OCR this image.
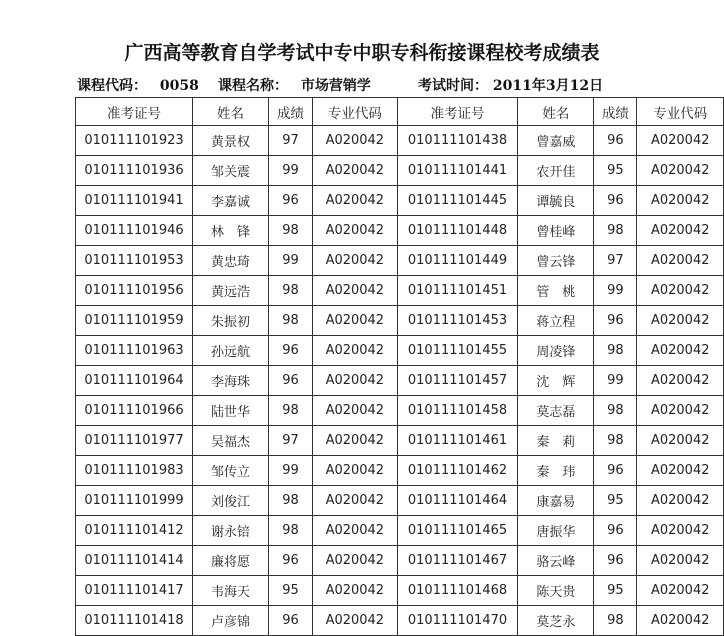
广西高等教育自学考试中专中职专科衔接课程校考成绩表
课程代码： 0058 课程名称： 市场营销学	考试时间： 2011年3月12日
准考证号	姓名	成绩	专业代码	准考证号	姓名	成绩	专业代码
010111101923	黄景权	97	A020042	010111101438	曾嘉威	96	A020042
010111101936	邹关震	99	A020042	010111101441	农开佳	95	A020042
010111101941	李嘉诚	96	A020042	010111101445	谭毓良	96	A020042
010111101946	林　锋	98	A020042	010111101448	曾桂峰	98	A020042
010111101953	黄忠琦	99	A020042	010111101449	曾云锋	97	A020042
010111101956	黄远浩	98	A020042	010111101451	管　桃	99	A020042
010111101959	朱振初	98	A020042	010111101453	蒋立程	96	A020042
010111101963	孙远航	96	A020042	010111101455	周凌锋	98	A020042
010111101964	李海珠	96	A020042	010111101457	沈　辉	99	A020042
010111101966	陆世华	98	A020042	010111101458	莫志磊	98	A020042
010111101977	吴福杰	97	A020042	010111101461	秦　莉	98	A020042
010111101983	邹传立	99	A020042	010111101462	秦　玮	96	A020042
010111101999	刘俊江	98	A020042	010111101464	康嘉易	95	A020042
010111101412	谢永锫	98	A020042	010111101465	唐振华	96	A020042
010111101414	廉将愿	96	A020042	010111101467	骆云峰	96	A020042
010111101417	韦海天	95	A020042	010111101468	陈天贵	95	A020042
010111101418	卢彦锦	96	A020042	010111101470	莫芝永	98	A020042
